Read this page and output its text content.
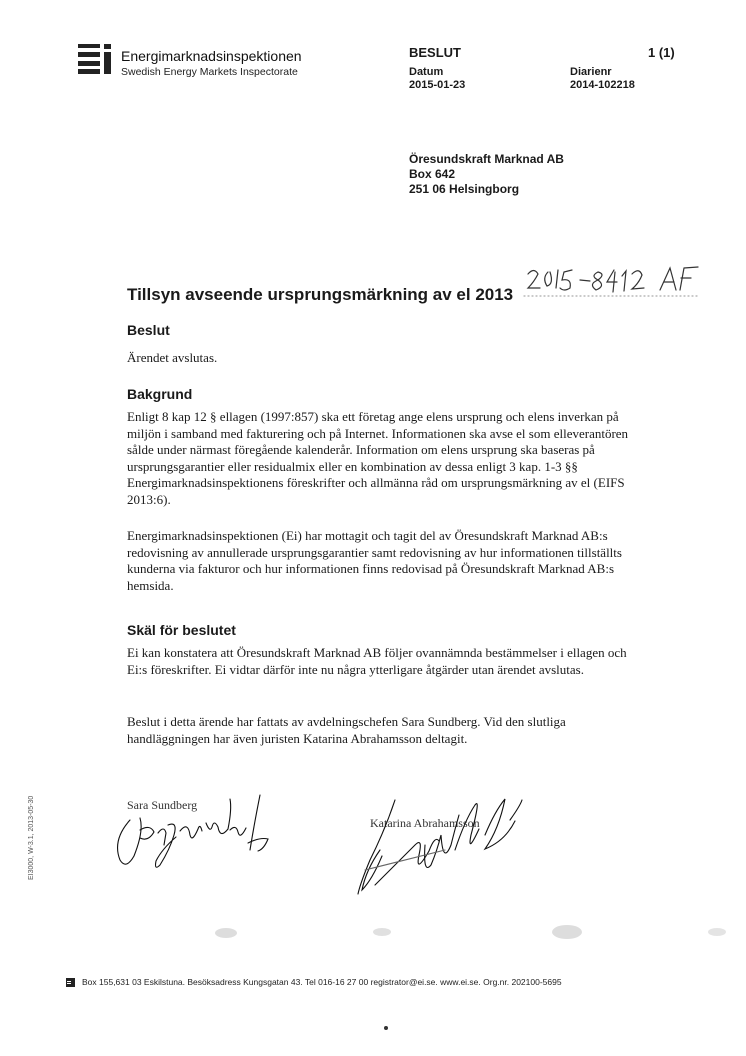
Energimarknadsinspektionen
Swedish Energy Markets Inspectorate
BESLUT	1 (1)
Datum
2015-01-23
Diarienr
2014-102218
Öresundskraft Marknad AB
Box 642
251 06 Helsingborg
Tillsyn avseende ursprungsmärkning av el 2013
Beslut
Ärendet avslutas.
Bakgrund
Enligt 8 kap 12 § ellagen (1997:857) ska ett företag ange elens ursprung och elens inverkan på miljön i samband med fakturering och på Internet. Informationen ska avse el som elleverantören sålde under närmast föregående kalenderår. Information om elens ursprung ska baseras på ursprungsgarantier eller residualmix eller en kombination av dessa enligt 3 kap. 1-3 §§ Energimarknadsinspektionens föreskrifter och allmänna råd om ursprungsmärkning av el (EIFS 2013:6).
Energimarknadsinspektionen (Ei) har mottagit och tagit del av Öresundskraft Marknad AB:s redovisning av annullerade ursprungsgarantier samt redovisning av hur informationen tillställts kunderna via fakturor och hur informationen finns redovisad på Öresundskraft Marknad AB:s hemsida.
Skäl för beslutet
Ei kan konstatera att Öresundskraft Marknad AB följer ovannämnda bestämmelser i ellagen och Ei:s föreskrifter. Ei vidtar därför inte nu några ytterligare åtgärder utan ärendet avslutas.
Beslut i detta ärende har fattats av avdelningschefen Sara Sundberg. Vid den slutliga handläggningen har även juristen Katarina Abrahamsson deltagit.
Sara Sundberg
Katarina Abrahamsson
EI3000, W-3.1, 2013-05-30
Box 155,631 03 Eskilstuna. Besöksadress Kungsgatan 43. Tel 016-16 27 00 registrator@ei.se. www.ei.se. Org.nr. 202100-5695
